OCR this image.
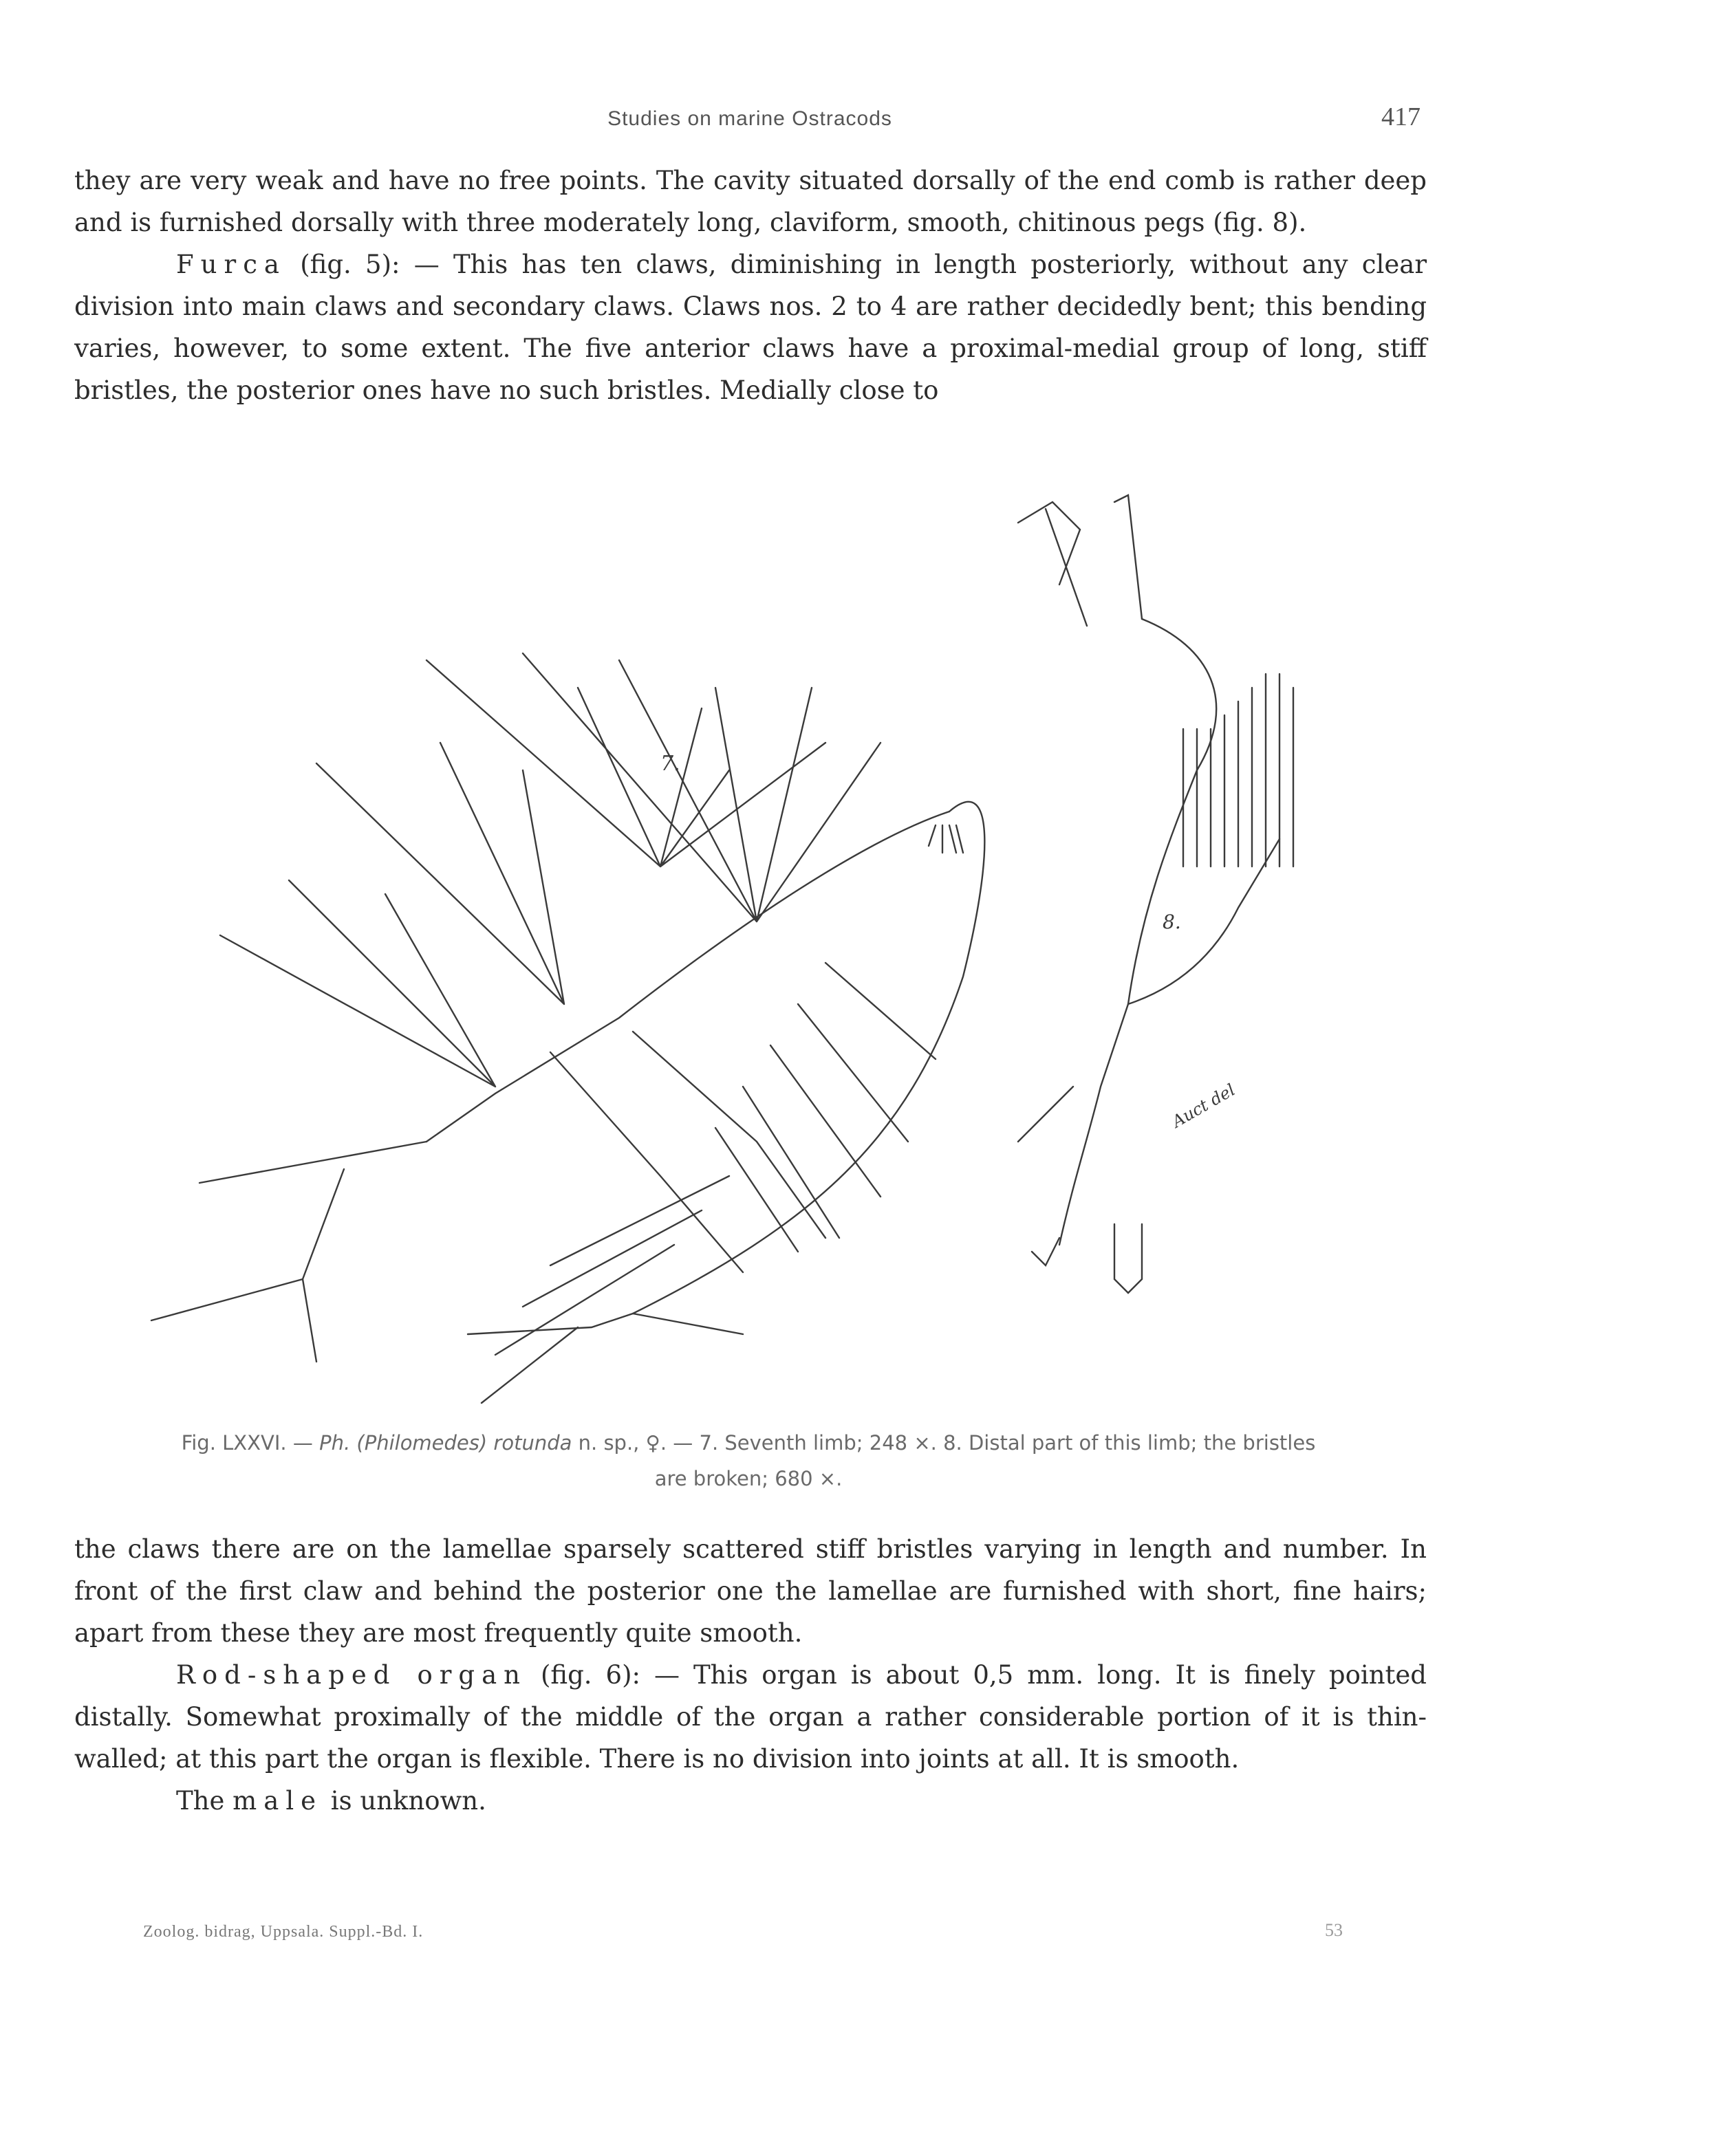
Studies on marine Ostracods	417

they are very weak and have no free points. The cavity situated dorsally of the end comb is rather deep and is furnished dorsally with three moderately long, claviform, smooth, chitinous pegs (fig. 8).

Furca (fig. 5): — This has ten claws, diminishing in length posteriorly, without any clear division into main claws and secondary claws. Claws nos. 2 to 4 are rather decidedly bent; this bending varies, however, to some extent. The five anterior claws have a proximal-medial group of long, stiff bristles, the posterior ones have no such bristles. Medially close to

7.
8.
Auct del
Fig. LXXVI. — Ph. (Philomedes) rotunda n. sp., ♀. — 7. Seventh limb; 248 ×. 8. Distal part of this limb; the bristles
are broken; 680 ×.

the claws there are on the lamellae sparsely scattered stiff bristles varying in length and number. In front of the first claw and behind the posterior one the lamellae are furnished with short, fine hairs; apart from these they are most frequently quite smooth.

Rod-shaped organ (fig. 6): — This organ is about 0,5 mm. long. It is finely pointed distally. Somewhat proximally of the middle of the organ a rather considerable portion of it is thin-walled; at this part the organ is flexible. There is no division into joints at all. It is smooth.

The male is unknown.

Zoolog. bidrag, Uppsala. Suppl.-Bd. I.	53
